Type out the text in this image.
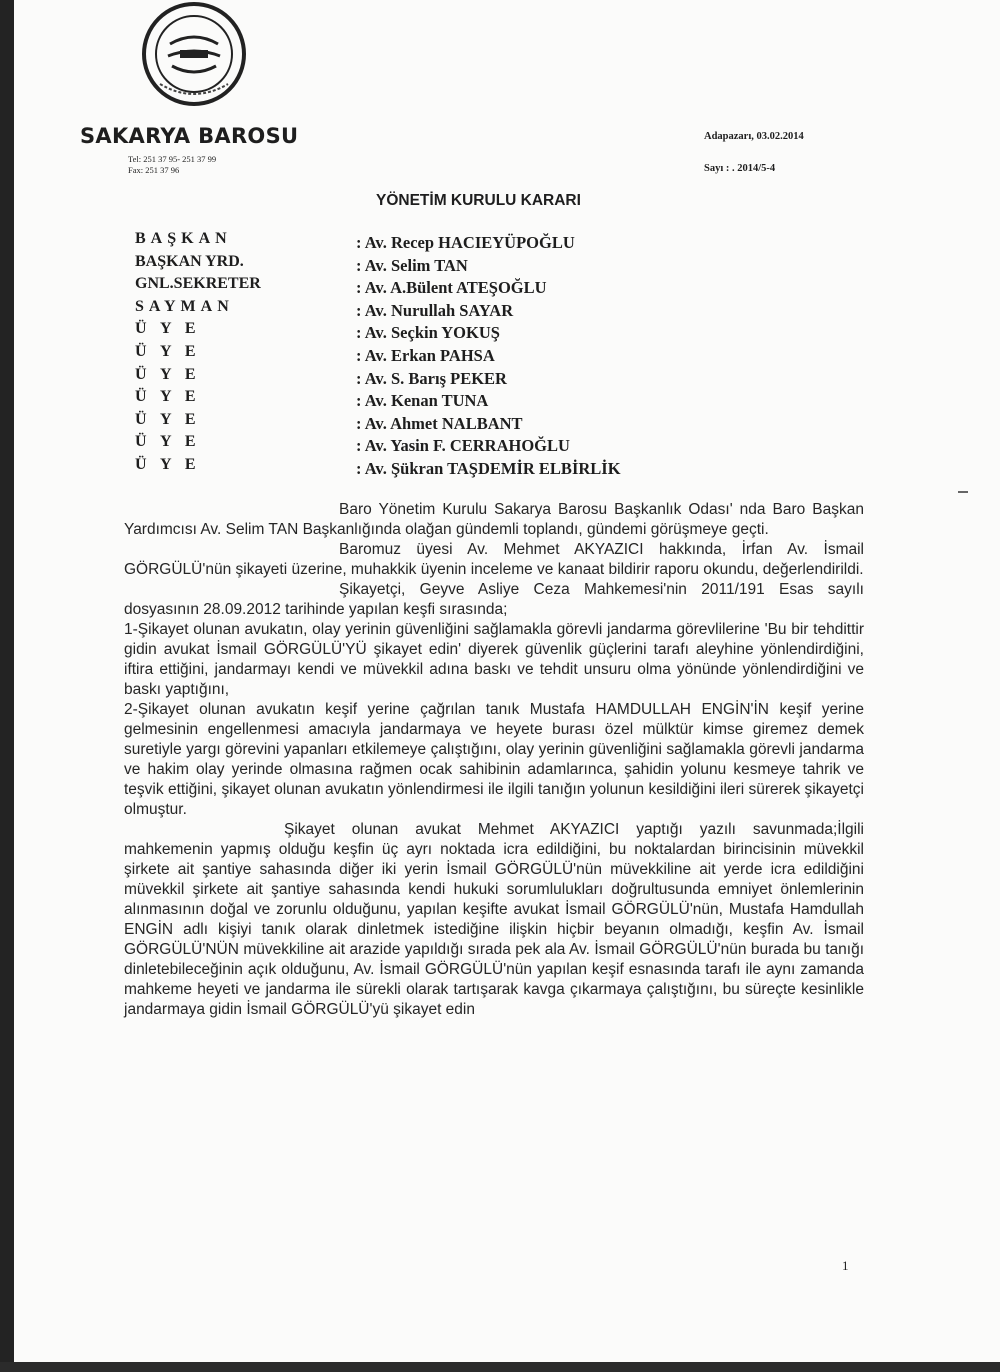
SAKARYA BAROSU
Tel: 251 37 95- 251 37 99
Fax: 251 37 96
Adapazarı, 03.02.2014
Sayı : . 2014/5-4
YÖNETİM KURULU KARARI
BAŞKAN	: Av. Recep HACIEYÜPOĞLU
BAŞKAN YRD.	: Av. Selim TAN
GNL.SEKRETER	: Av. A.Bülent ATEŞOĞLU
SAYMAN	: Av. Nurullah SAYAR
Ü Y E	: Av. Seçkin YOKUŞ
Ü Y E	: Av. Erkan PAHSA
Ü Y E	: Av. S. Barış PEKER
Ü Y E	: Av. Kenan TUNA
Ü Y E	: Av. Ahmet NALBANT
Ü Y E	: Av. Yasin F. CERRAHOĞLU
Ü Y E	: Av. Şükran TAŞDEMİR ELBİRLİK

Baro Yönetim Kurulu Sakarya Barosu Başkanlık Odası' nda Baro Başkan Yardımcısı Av. Selim TAN Başkanlığında olağan gündemli toplandı, gündemi görüşmeye geçti.

Baromuz üyesi Av. Mehmet AKYAZICI hakkında, İrfan Av. İsmail GÖRGÜLÜ'nün şikayeti üzerine, muhakkik üyenin inceleme ve kanaat bildirir raporu okundu, değerlendirildi.

Şikayetçi, Geyve Asliye Ceza Mahkemesi'nin 2011/191 Esas sayılı dosyasının 28.09.2012 tarihinde yapılan keşfi sırasında;

1-Şikayet olunan avukatın, olay yerinin güvenliğini sağlamakla görevli jandarma görevlilerine 'Bu bir tehdittir gidin avukat İsmail GÖRGÜLÜ'YÜ şikayet edin' diyerek güvenlik güçlerini tarafı aleyhine yönlendirdiğini, iftira ettiğini, jandarmayı kendi ve müvekkil adına baskı ve tehdit unsuru olma yönünde yönlendirdiğini ve baskı yaptığını,

2-Şikayet olunan avukatın keşif yerine çağrılan tanık Mustafa HAMDULLAH ENGİN'İN keşif yerine gelmesinin engellenmesi amacıyla jandarmaya ve heyete burası özel mülktür kimse giremez demek suretiyle yargı görevini yapanları etkilemeye çalıştığını, olay yerinin güvenliğini sağlamakla görevli jandarma ve hakim olay yerinde olmasına rağmen ocak sahibinin adamlarınca, şahidin yolunu kesmeye tahrik ve teşvik ettiğini, şikayet olunan avukatın yönlendirmesi ile ilgili tanığın yolunun kesildiğini ileri sürerek şikayetçi olmuştur.

Şikayet olunan avukat Mehmet AKYAZICI yaptığı yazılı savunmada;İlgili mahkemenin yapmış olduğu keşfin üç ayrı noktada icra edildiğini, bu noktalardan birincisinin müvekkil şirkete ait şantiye sahasında diğer iki yerin İsmail GÖRGÜLÜ'nün müvekkiline ait yerde icra edildiğini müvekkil şirkete ait şantiye sahasında kendi hukuki sorumlulukları doğrultusunda emniyet önlemlerinin alınmasının doğal ve zorunlu olduğunu, yapılan keşifte avukat İsmail GÖRGÜLÜ'nün, Mustafa Hamdullah ENGİN adlı kişiyi tanık olarak dinletmek istediğine ilişkin hiçbir beyanın olmadığı, keşfin Av. İsmail GÖRGÜLÜ'NÜN müvekkiline ait arazide yapıldığı sırada pek ala Av. İsmail GÖRGÜLÜ'nün burada bu tanığı dinletebileceğinin açık olduğunu, Av. İsmail GÖRGÜLÜ'nün yapılan keşif esnasında tarafı ile aynı zamanda mahkeme heyeti ve jandarma ile sürekli olarak tartışarak kavga çıkarmaya çalıştığını, bu süreçte kesinlikle jandarmaya gidin İsmail GÖRGÜLÜ'yü şikayet edin

1
